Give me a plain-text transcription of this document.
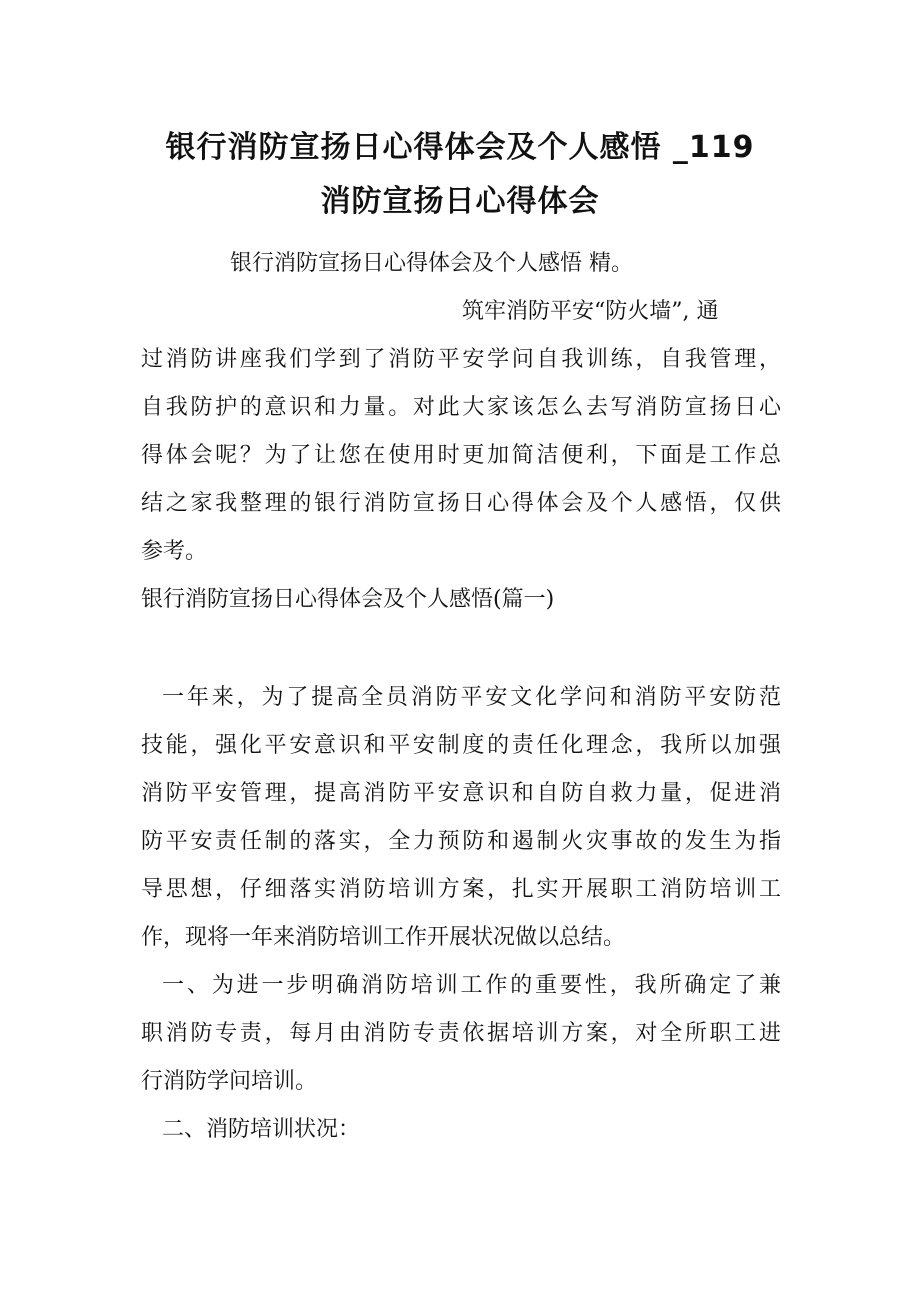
银行消防宣扬日心得体会及个人感悟 _119
消防宣扬日心得体会
银行消防宣扬日心得体会及个人感悟 精。
筑牢消防平安“防火墙”, 通
过消防讲座我们学到了消防平安学问自我训练，自我管理，
自我防护的意识和力量。对此大家该怎么去写消防宣扬日心
得体会呢？为了让您在使用时更加简洁便利，下面是工作总
结之家我整理的银行消防宣扬日心得体会及个人感悟，仅供
参考。
银行消防宣扬日心得体会及个人感悟(篇一)
一年来，为了提高全员消防平安文化学问和消防平安防范
技能，强化平安意识和平安制度的责任化理念，我所以加强
消防平安管理，提高消防平安意识和自防自救力量，促进消
防平安责任制的落实，全力预防和遏制火灾事故的发生为指
导思想，仔细落实消防培训方案，扎实开展职工消防培训工
作，现将一年来消防培训工作开展状况做以总结。
一、为进一步明确消防培训工作的重要性，我所确定了兼
职消防专责，每月由消防专责依据培训方案，对全所职工进
行消防学问培训。
二、消防培训状况：
